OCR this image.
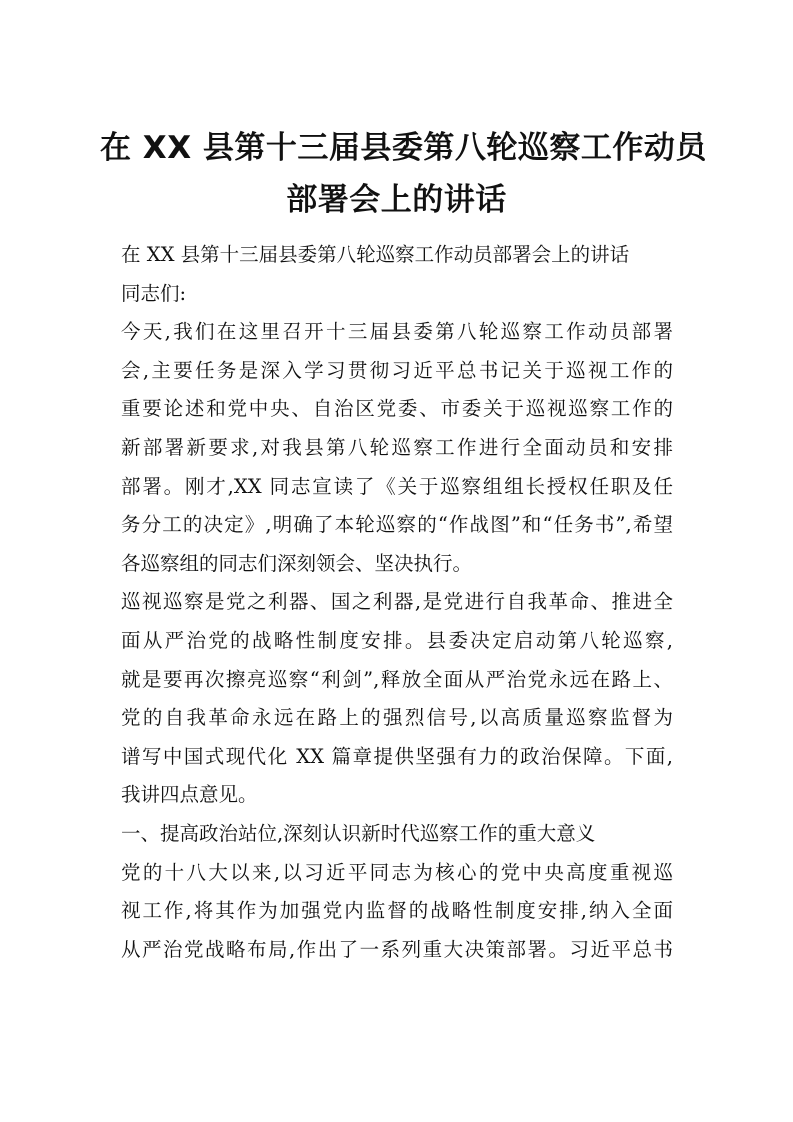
在 XX 县第十三届县委第八轮巡察工作动员
部署会上的讲话
在 XX 县第十三届县委第八轮巡察工作动员部署会上的讲话
同志们:
今天,我们在这里召开十三届县委第八轮巡察工作动员部署
会,主要任务是深入学习贯彻习近平总书记关于巡视工作的
重要论述和党中央、自治区党委、市委关于巡视巡察工作的
新部署新要求,对我县第八轮巡察工作进行全面动员和安排
部署。刚才,XX 同志宣读了《关于巡察组组长授权任职及任
务分工的决定》,明确了本轮巡察的“作战图”和“任务书”,希望
各巡察组的同志们深刻领会、坚决执行。
巡视巡察是党之利器、国之利器,是党进行自我革命、推进全
面从严治党的战略性制度安排。县委决定启动第八轮巡察,
就是要再次擦亮巡察“利剑”,释放全面从严治党永远在路上、
党的自我革命永远在路上的强烈信号,以高质量巡察监督为
谱写中国式现代化 XX 篇章提供坚强有力的政治保障。下面,
我讲四点意见。
一、提高政治站位,深刻认识新时代巡察工作的重大意义
党的十八大以来,以习近平同志为核心的党中央高度重视巡
视工作,将其作为加强党内监督的战略性制度安排,纳入全面
从严治党战略布局,作出了一系列重大决策部署。习近平总书
